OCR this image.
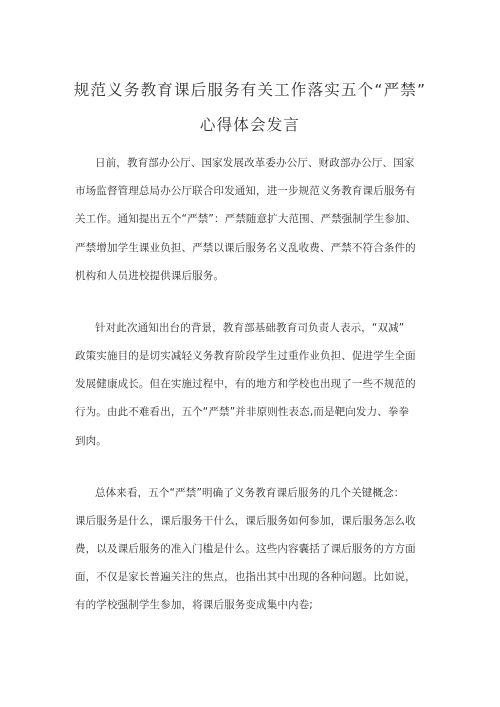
规范义务教育课后服务有关工作落实五个“严禁”
心得体会发言
日前，教育部办公厅、国家发展改革委办公厅、财政部办公厅、国家
市场监督管理总局办公厅联合印发通知，进一步规范义务教育课后服务有
关工作。通知提出五个“严禁”：严禁随意扩大范围、严禁强制学生参加、
严禁增加学生课业负担、严禁以课后服务名义乱收费、严禁不符合条件的
机构和人员进校提供课后服务。
针对此次通知出台的背景，教育部基础教育司负责人表示，“双减”
政策实施目的是切实减轻义务教育阶段学生过重作业负担、促进学生全面
发展健康成长。但在实施过程中，有的地方和学校也出现了一些不规范的
行为。由此不难看出，五个“严禁”并非原则性表态,而是靶向发力、拳拳
到肉。
总体来看，五个“严禁”明确了义务教育课后服务的几个关键概念：
课后服务是什么，课后服务干什么，课后服务如何参加，课后服务怎么收
费，以及课后服务的准入门槛是什么。这些内容囊括了课后服务的方方面
面，不仅是家长普遍关注的焦点，也指出其中出现的各种问题。比如说，
有的学校强制学生参加，将课后服务变成集中内卷;
